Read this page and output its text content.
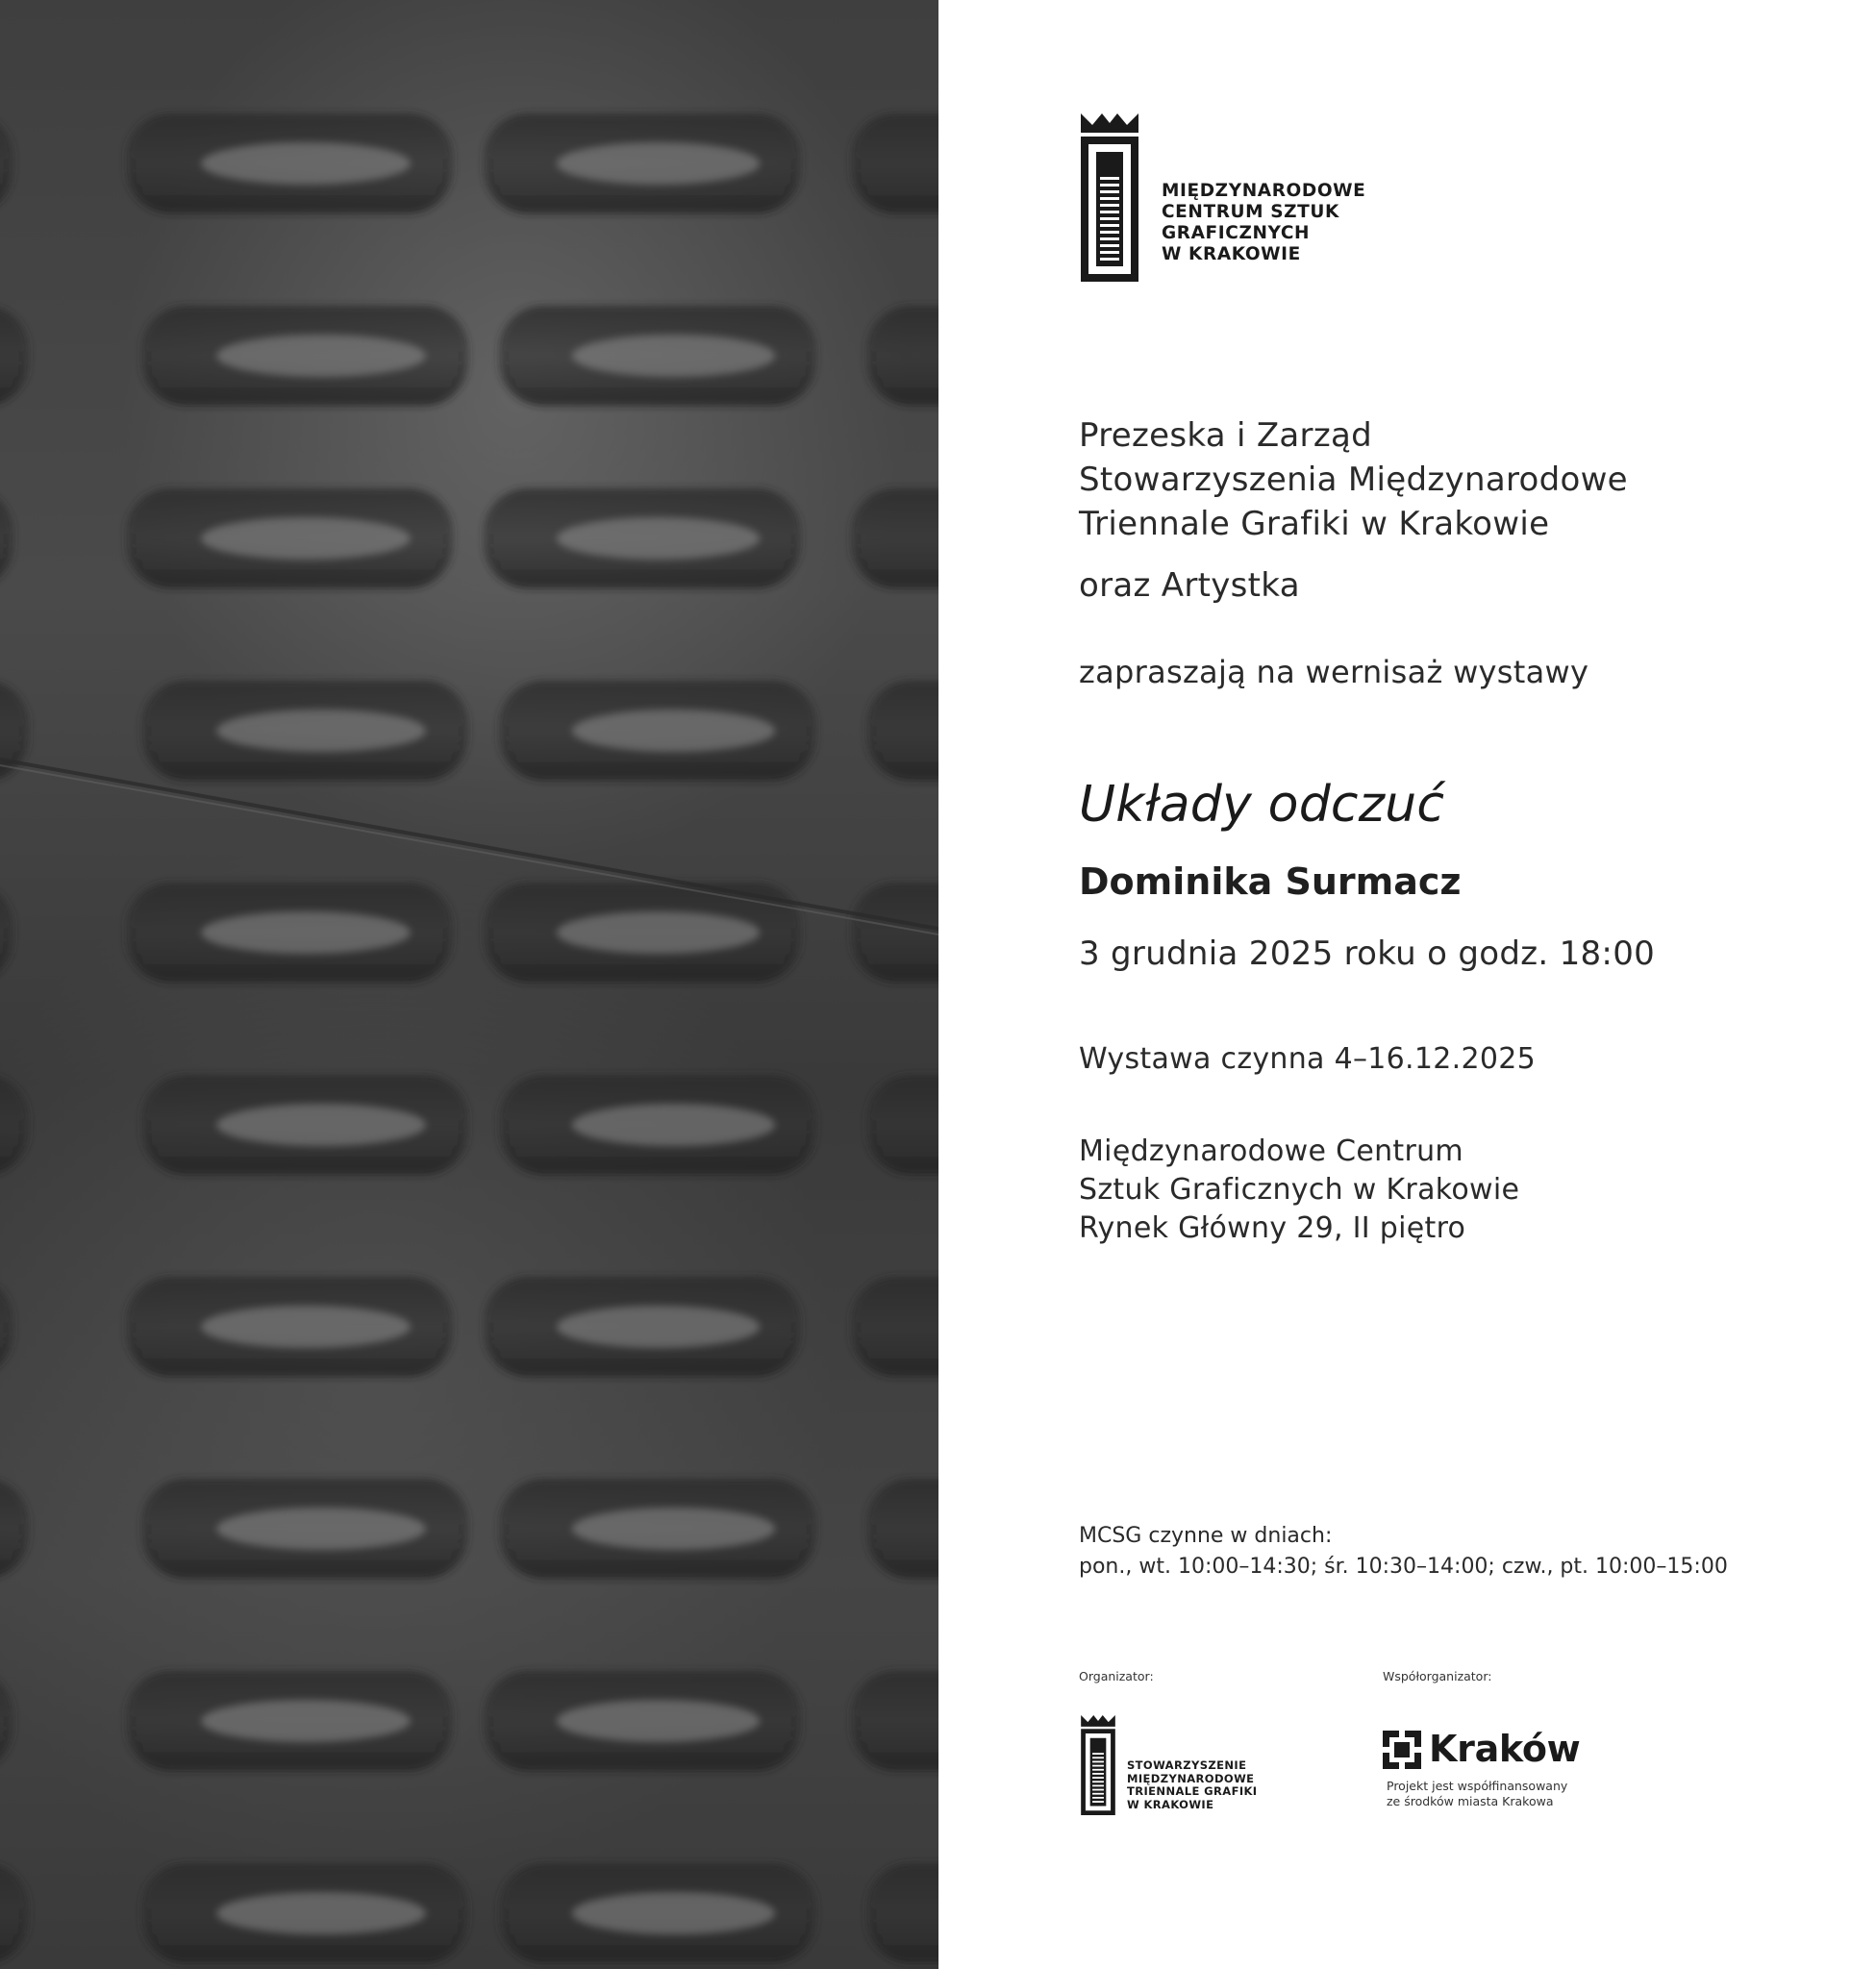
MIĘDZYNARODOWE
CENTRUM SZTUK
GRAFICZNYCH
W KRAKOWIE
Prezeska i Zarząd
Stowarzyszenia Międzynarodowe
Triennale Grafiki w Krakowie
oraz Artystka
zapraszają na wernisaż wystawy
Układy odczuć
Dominika Surmacz
3 grudnia 2025 roku o godz. 18:00
Wystawa czynna 4–16.12.2025
Międzynarodowe Centrum
Sztuk Graficznych w Krakowie
Rynek Główny 29, II piętro
MCSG czynne w dniach:
pon., wt. 10:00–14:30; śr. 10:30–14:00; czw., pt. 10:00–15:00
Organizator:	Współorganizator:
STOWARZYSZENIE
MIĘDZYNARODOWE
TRIENNALE GRAFIKI
W KRAKOWIE
Kraków
Projekt jest współfinansowany
ze środków miasta Krakowa
